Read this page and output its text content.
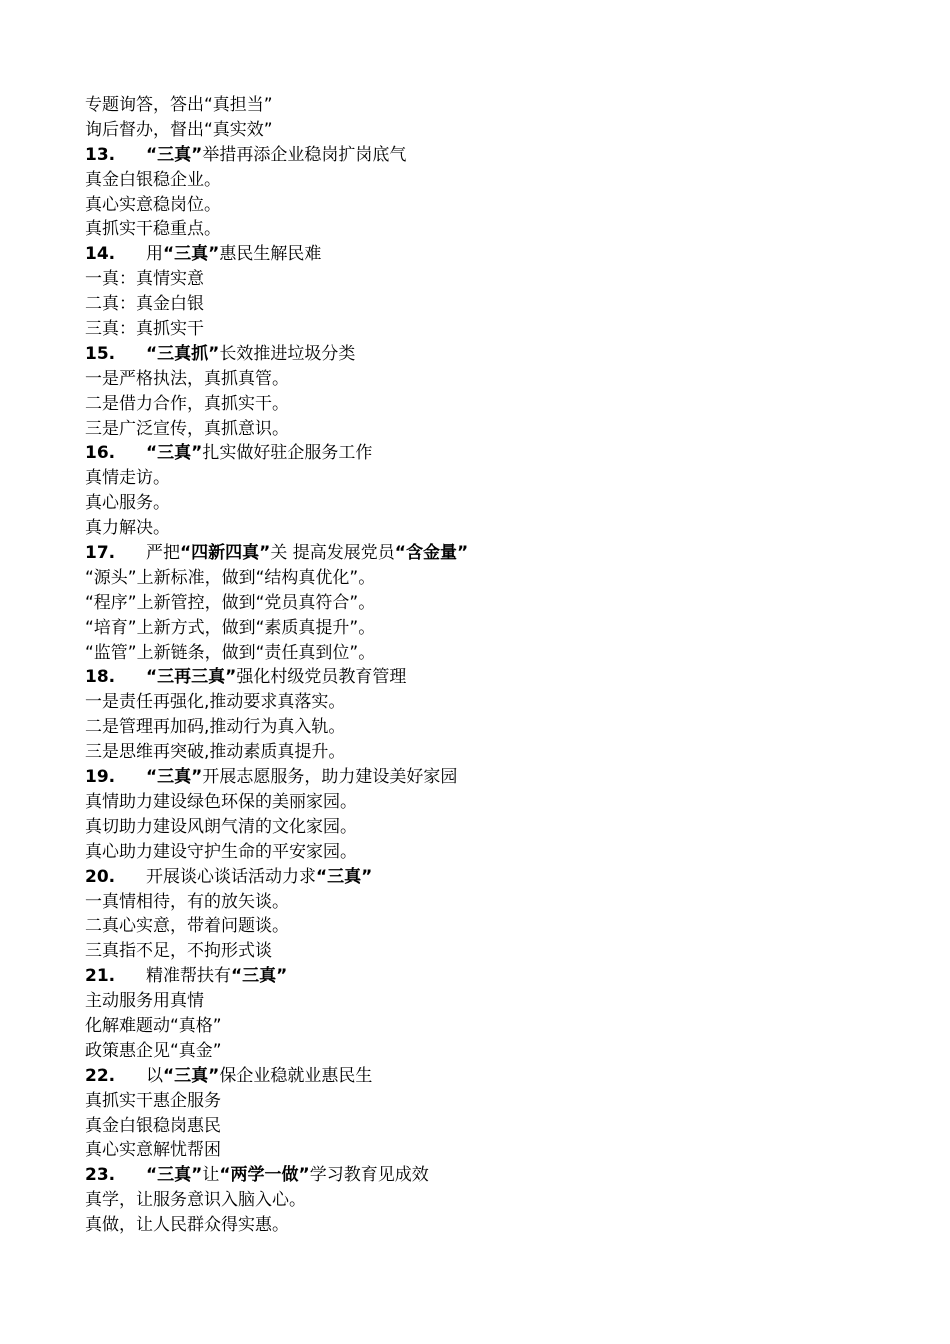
专题询答，答出“真担当”
询后督办，督出“真实效”
13. “三真”举措再添企业稳岗扩岗底气
真金白银稳企业。
真心实意稳岗位。
真抓实干稳重点。
14. 用“三真”惠民生解民难
一真：真情实意
二真：真金白银
三真：真抓实干
15. “三真抓”长效推进垃圾分类
一是严格执法，真抓真管。
二是借力合作，真抓实干。
三是广泛宣传，真抓意识。
16. “三真”扎实做好驻企服务工作
真情走访。
真心服务。
真力解决。
17. 严把“四新四真”关 提高发展党员“含金量”
“源头”上新标准，做到“结构真优化”。
“程序”上新管控，做到“党员真符合”。
“培育”上新方式，做到“素质真提升”。
“监管”上新链条，做到“责任真到位”。
18. “三再三真”强化村级党员教育管理
一是责任再强化,推动要求真落实。
二是管理再加码,推动行为真入轨。
三是思维再突破,推动素质真提升。
19. “三真”开展志愿服务，助力建设美好家园
真情助力建设绿色环保的美丽家园。
真切助力建设风朗气清的文化家园。
真心助力建设守护生命的平安家园。
20. 开展谈心谈话活动力求“三真”
一真情相待，有的放矢谈。
二真心实意，带着问题谈。
三真指不足，不拘形式谈
21. 精准帮扶有“三真”
主动服务用真情
化解难题动“真格”
政策惠企见“真金”
22. 以“三真”保企业稳就业惠民生
真抓实干惠企服务
真金白银稳岗惠民
真心实意解忧帮困
23. “三真”让“两学一做”学习教育见成效
真学，让服务意识入脑入心。
真做，让人民群众得实惠。
